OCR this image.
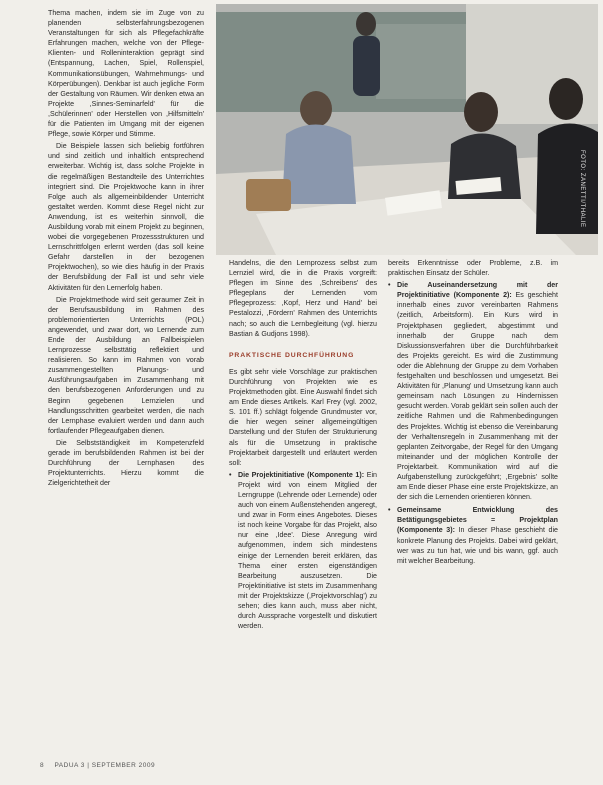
FOTO: ZANETTI/THALIE

Thema machen, indem sie im Zuge von zu planenden selbsterfahrungsbezogenen Veranstaltungen für sich als Pflegefachkräfte Erfahrungen machen, welche von der Pflege-Klienten- und Rolleninteraktion geprägt sind (Entspannung, Lachen, Spiel, Rollenspiel, Kommunikationsübungen, Wahrnehmungs- und Körperübungen). Denkbar ist auch jegliche Form der Gestaltung von Räumen. Wir denken etwa an Projekte ,Sinnes-Seminarfeld' für die ,Schülerinnen' oder Herstellen von ,Hilfsmitteln' für die Patienten im Umgang mit der eigenen Pflege, sowie Körper und Stimme.

Die Beispiele lassen sich beliebig fortführen und sind zeitlich und inhaltlich entsprechend erweiterbar. Wichtig ist, dass solche Projekte in die regelmäßigen Bestandteile des Unterrichtes integriert sind. Die Projektwoche kann in ihrer Folge auch als allgemeinbildender Unterricht gestaltet werden. Kommt diese Regel nicht zur Anwendung, ist es weiterhin sinnvoll, die Ausbildung vorab mit einem Projekt zu beginnen, wobei die vorgegebenen Prozessstrukturen und Lernschrittfolgen erlernt werden (das soll keine Gefahr darstellen in der bezogenen Projektwochen), so wie dies häufig in der Praxis der Berufsbildung der Fall ist und sehr viele Aktivitäten für den Lernerfolg haben.

Die Projektmethode wird seit geraumer Zeit in der Berufsausbildung im Rahmen des problemorientierten Unterrichts (POL) angewendet, und zwar dort, wo Lernende zum Ende der Ausbildung an Fallbeispielen Lernprozesse selbsttätig reflektiert und realisieren. So kann im Rahmen von vorab zusammengestellten Planungs- und Ausführungsaufgaben im Zusammenhang mit den berufsbezogenen Anforderungen und zu Beginn gegebenen Lernzielen und Handlungsschritten gearbeitet werden, die nach der Lernphase evaluiert werden und dann auch fortlaufender Pflegeaufgaben dienen.

Die Selbstständigkeit im Kompetenzfeld gerade im berufsbildenden Rahmen ist bei der Durchführung der Lernphasen des Projektunterrichts. Hierzu kommt die Zielgerichtetheit der

Handelns, die den Lernprozess selbst zum Lernziel wird, die in die Praxis vorgreift: Pflegen im Sinne des ,Schreibens' des Pflegeplans der Lernenden vom Pflegeprozess: ,Kopf, Herz und Hand' bei Pestalozzi, ,Fördern' Rahmen des Unterrichts nach; so auch die Lernbegleitung (vgl. hierzu Bastian & Gudjons 1998).

PRAKTISCHE DURCHFÜHRUNG

Es gibt sehr viele Vorschläge zur praktischen Durchführung von Projekten wie es Projektmethoden gibt. Eine Auswahl findet sich am Ende dieses Artikels. Karl Frey (vgl. 2002, S. 101 ff.) schlägt folgende Grundmuster vor, die hier wegen seiner allgemeingültigen Darstellung und der Stufen der Strukturierung als für die Umsetzung in praktische Projektarbeit dargestellt und erläutert werden soll:

• Die Projektinitiative (Komponente 1): Ein Projekt wird von einem Mitglied der Lerngruppe (Lehrende oder Lernende) oder auch von einem Außenstehenden angeregt, und zwar in Form eines Angebotes. Dieses ist noch keine Vorgabe für das Projekt, also nur eine ,Idee'. Diese Anregung wird aufgenommen, indem sich mindestens einige der Lernenden bereit erklären, das Thema einer ersten eigenständigen Bearbeitung auszusetzen. Die Projektinitiative ist stets im Zusammenhang mit der Projektskizze (,Projektvorschlag') zu sehen; dies kann auch, muss aber nicht, durch Aussprache vorgestellt und diskutiert werden.

bereits Erkenntnisse oder Probleme, z.B. im praktischen Einsatz der Schüler.

• Die Auseinandersetzung mit der Projektinitiative (Komponente 2): Es geschieht innerhalb eines zuvor vereinbarten Rahmens (zeitlich, Arbeitsform). Ein Kurs wird in Projektphasen gegliedert, abgestimmt und innerhalb der Gruppe nach dem Diskussionsverfahren über die Durchführbarkeit des Projekts gereicht. Es wird die Zustimmung oder die Ablehnung der Gruppe zu dem Vorhaben festgehalten und beschlossen und umgesetzt. Bei Aktivitäten für ,Planung' und Umsetzung kann auch gemeinsam nach Lösungen zu Hindernissen gesucht werden. Vorab geklärt sein sollen auch der zeitliche Rahmen und die Rahmenbedingungen des Projektes. Wichtig ist ebenso die Vereinbarung der Verhaltensregeln in Zusammenhang mit der geplanten Zeitvorgabe, der Regel für den Umgang miteinander und der möglichen Kontrolle der Projektarbeit. Kommunikation wird auf die Aufgabenstellung zurückgeführt; ,Ergebnis' sollte am Ende dieser Phase eine erste Projektskizze, an der sich die Lernenden orientieren können.
• Gemeinsame Entwicklung des Betätigungsgebietes = Projektplan (Komponente 3): In dieser Phase geschieht die konkrete Planung des Projekts. Dabei wird geklärt, wer was zu tun hat, wie und bis wann, ggf. auch mit welcher Bearbeitung.
8 PADUA 3 | SEPTEMBER 2009
